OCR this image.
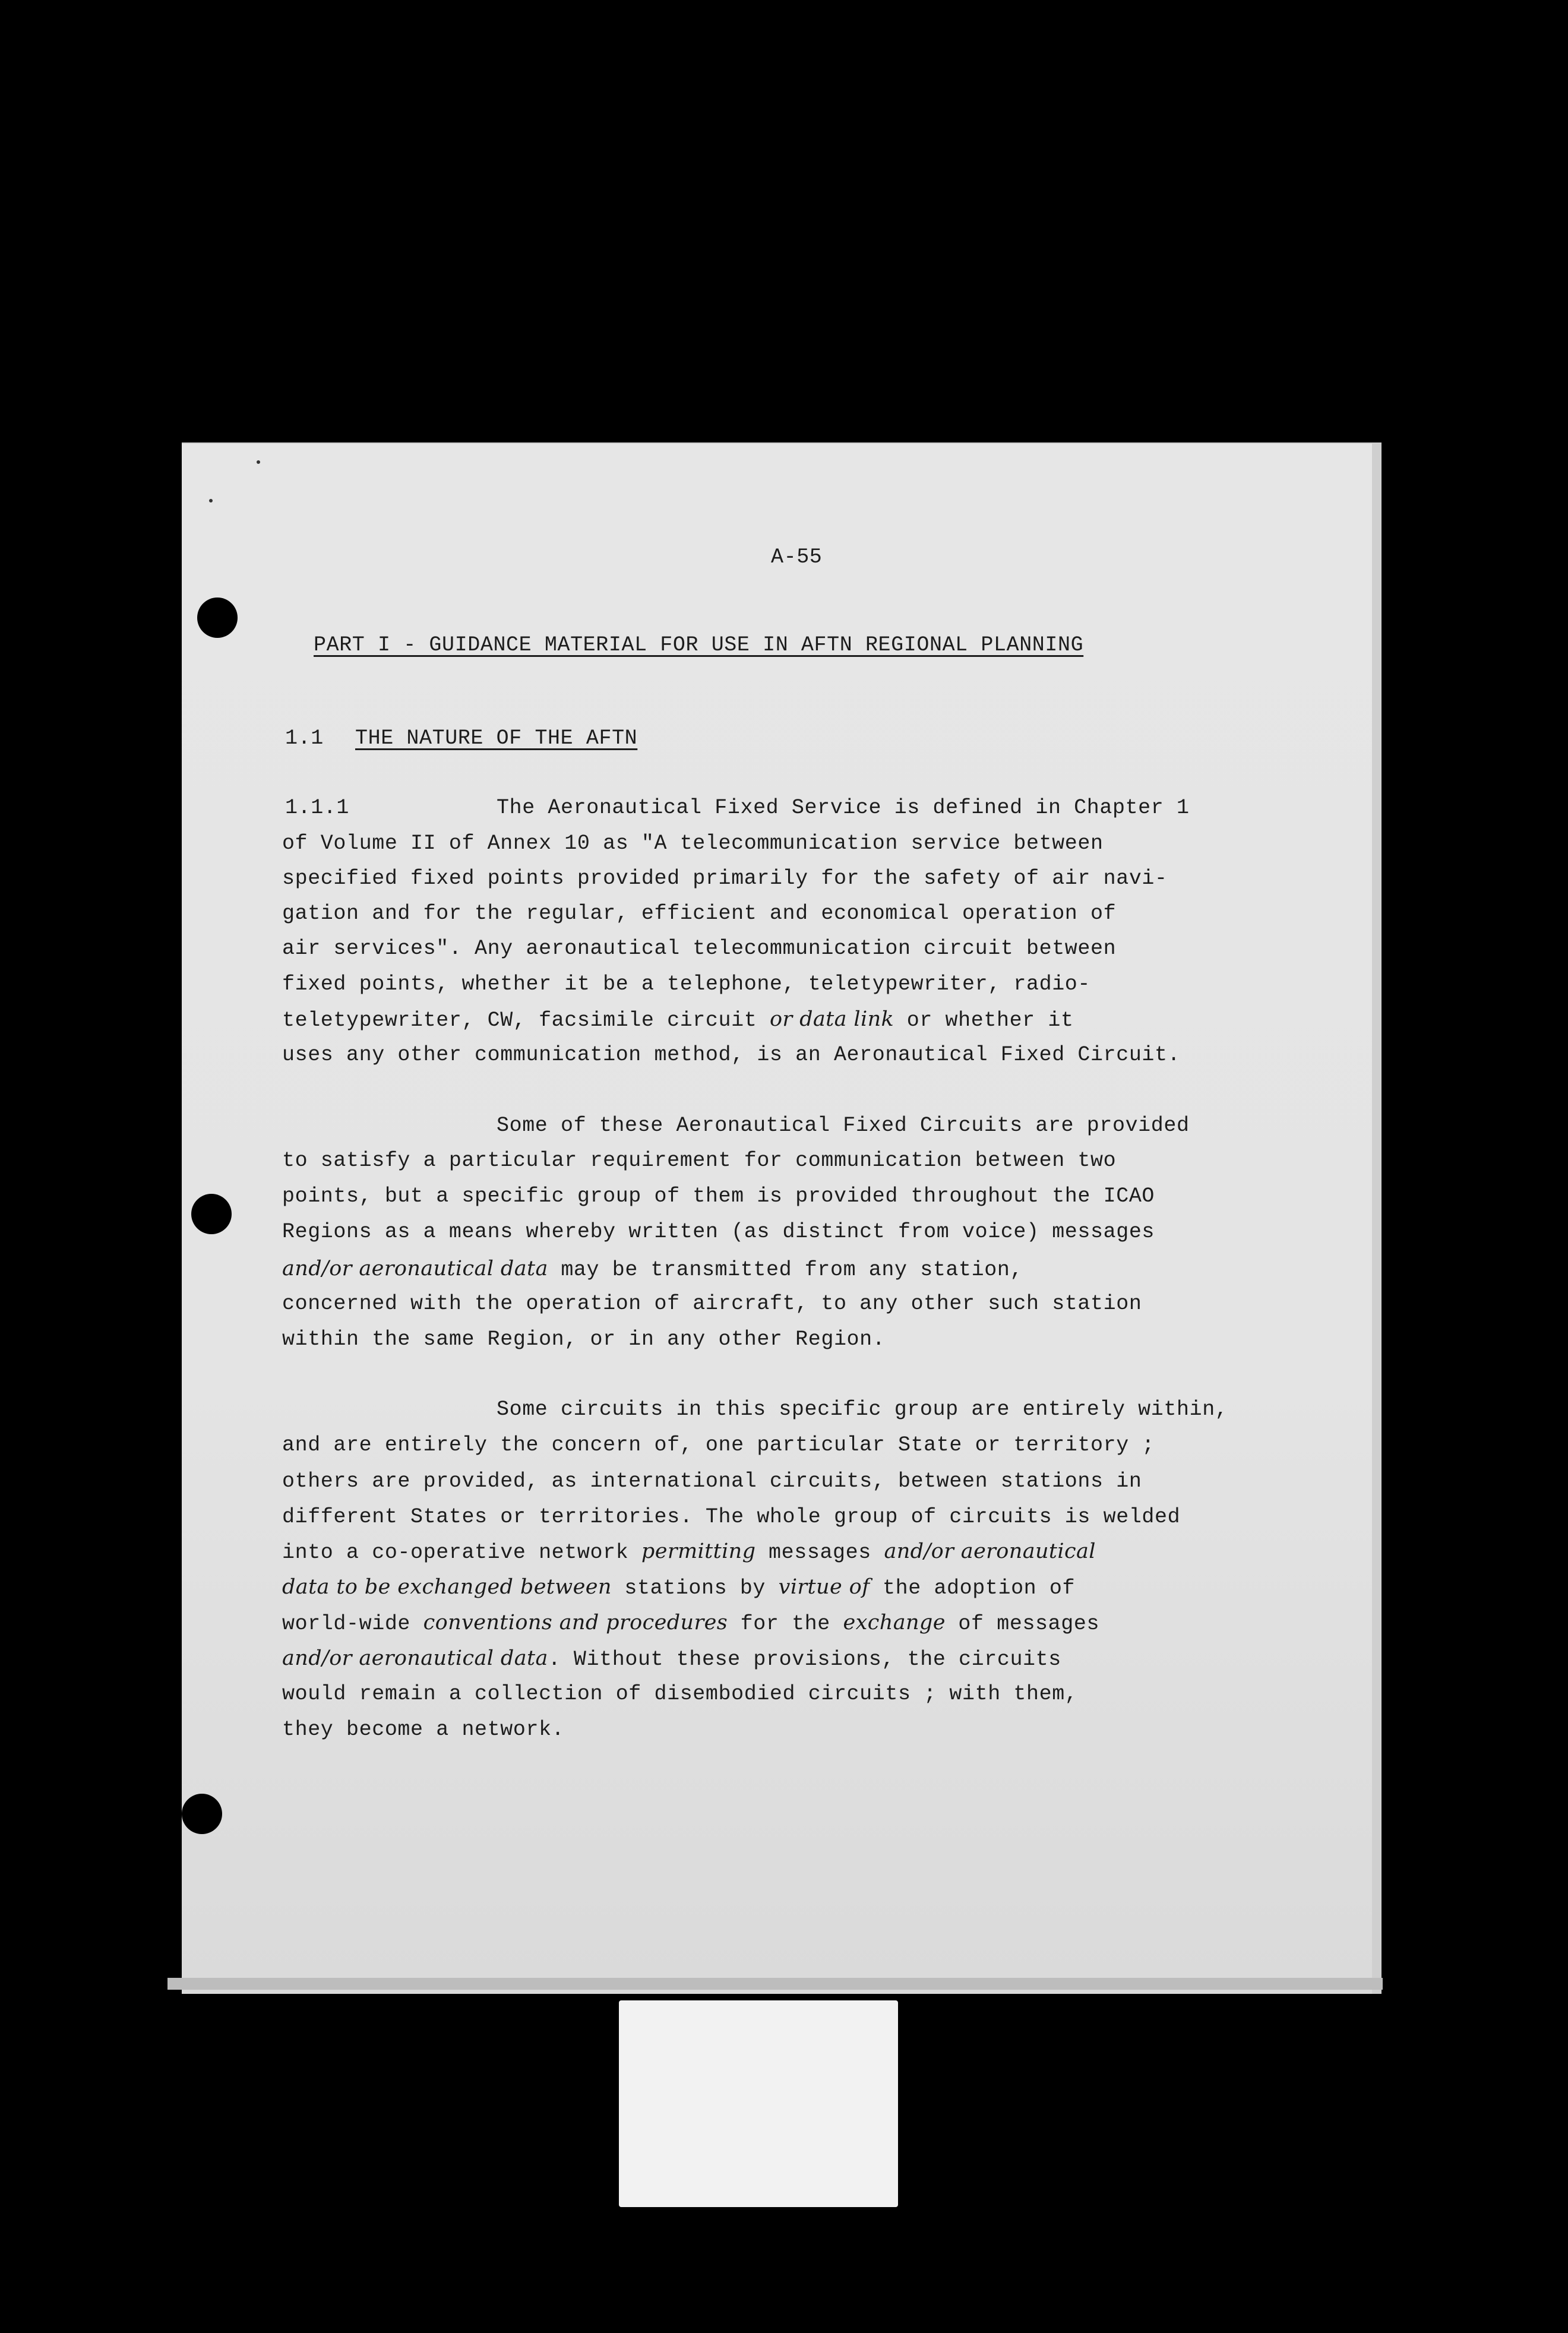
A-55
PART I - GUIDANCE MATERIAL FOR USE IN AFTN REGIONAL PLANNING
1.1 THE NATURE OF THE AFTN
1.1.1	The Aeronautical Fixed Service is defined in Chapter 1
of Volume II of Annex 10 as "A telecommunication service between
specified fixed points provided primarily for the safety of air navi-
gation and for the regular, efficient and economical operation of
air services". Any aeronautical telecommunication circuit between
fixed points, whether it be a telephone, teletypewriter, radio-
teletypewriter, CW, facsimile circuit or data link or whether it
uses any other communication method, is an Aeronautical Fixed Circuit.
Some of these Aeronautical Fixed Circuits are provided
to satisfy a particular requirement for communication between two
points, but a specific group of them is provided throughout the ICAO
Regions as a means whereby written (as distinct from voice) messages
and/or aeronautical data may be transmitted from any station,
concerned with the operation of aircraft, to any other such station
within the same Region, or in any other Region.
Some circuits in this specific group are entirely within,
and are entirely the concern of, one particular State or territory ;
others are provided, as international circuits, between stations in
different States or territories. The whole group of circuits is welded
into a co-operative network permitting messages and/or aeronautical
data to be exchanged between stations by virtue of the adoption of
world-wide conventions and procedures for the exchange of messages
and/or aeronautical data. Without these provisions, the circuits
would remain a collection of disembodied circuits ; with them,
they become a network.
